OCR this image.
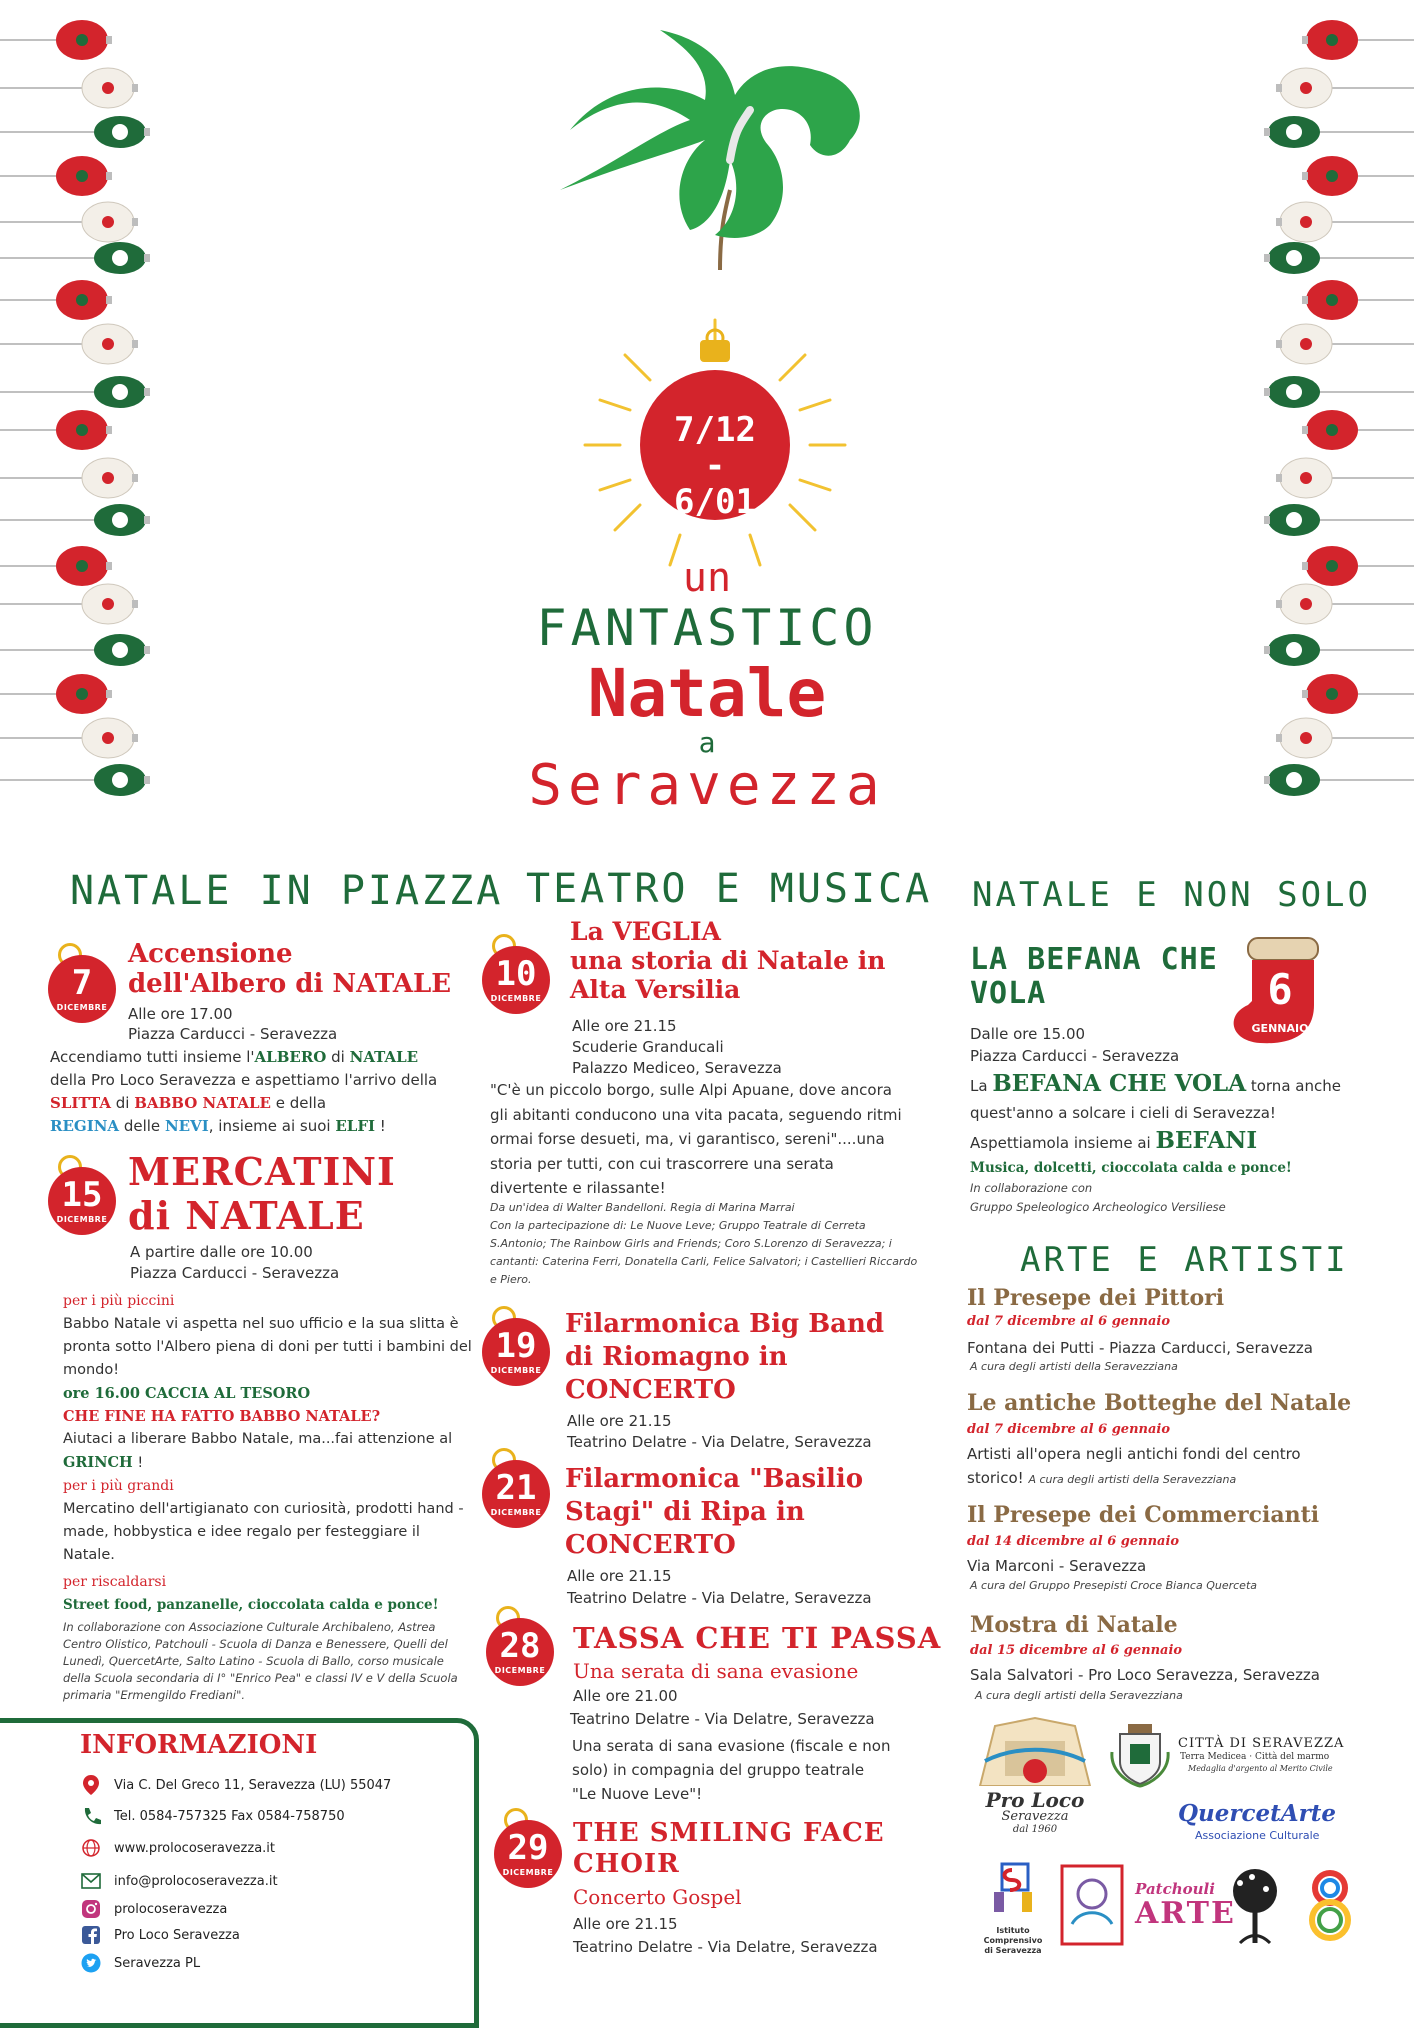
7/12
-
6/01
un
FANTASTICO
Natale
a
Seravezza
NATALE IN PIAZZA
7
DICEMBRE
Accensione
dell'Albero di NATALE
Alle ore 17.00
Piazza Carducci - Seravezza
Accendiamo tutti insieme l'ALBERO di NATALE
della Pro Loco Seravezza e aspettiamo l'arrivo della
SLITTA di BABBO NATALE e della
REGINA delle NEVI, insieme ai suoi ELFI !
15
DICEMBRE
MERCATINI
di NATALE
A partire dalle ore 10.00
Piazza Carducci - Seravezza
per i più piccini
Babbo Natale vi aspetta nel suo ufficio e la sua slitta è pronta sotto l'Albero piena di doni per tutti i bambini del mondo!
ore 16.00 CACCIA AL TESORO
CHE FINE HA FATTO BABBO NATALE?
Aiutaci a liberare Babbo Natale, ma...fai attenzione al GRINCH !
per i più grandi
Mercatino dell'artigianato con curiosità, prodotti hand - made, hobbystica e idee regalo per festeggiare il Natale.
per riscaldarsi
Street food, panzanelle, cioccolata calda e ponce!
In collaborazione con Associazione Culturale Archibaleno, Astrea Centro Olistico, Patchouli - Scuola di Danza e Benessere, Quelli del Lunedì, QuercetArte, Salto Latino - Scuola di Ballo, corso musicale della Scuola secondaria di I° "Enrico Pea" e classi IV e V della Scuola primaria "Ermengildo Frediani".
INFORMAZIONI
Via C. Del Greco 11, Seravezza (LU) 55047
Tel. 0584-757325 Fax 0584-758750
www.prolocoseravezza.it
info@prolocoseravezza.it
prolocoseravezza
Pro Loco Seravezza
Seravezza PL
TEATRO E MUSICA
10
DICEMBRE
La VEGLIA
una storia di Natale in
Alta Versilia
Alle ore 21.15
Scuderie Granducali
Palazzo Mediceo, Seravezza
"C'è un piccolo borgo, sulle Alpi Apuane, dove ancora gli abitanti conducono una vita pacata, seguendo ritmi ormai forse desueti, ma, vi garantisco, sereni"....una storia per tutti, con cui trascorrere una serata divertente e rilassante!
Da un'idea di Walter Bandelloni. Regia di Marina Marrai
Con la partecipazione di: Le Nuove Leve; Gruppo Teatrale di Cerreta S.Antonio; The Rainbow Girls and Friends; Coro S.Lorenzo di Seravezza; i cantanti: Caterina Ferri, Donatella Carli, Felice Salvatori; i Castellieri Riccardo e Piero.
19
DICEMBRE
Filarmonica Big Band
di Riomagno in
CONCERTO
Alle ore 21.15
Teatrino Delatre - Via Delatre, Seravezza
21
DICEMBRE
Filarmonica "Basilio
Stagi" di Ripa in
CONCERTO
Alle ore 21.15
Teatrino Delatre - Via Delatre, Seravezza
28
DICEMBRE
TASSA CHE TI PASSA
Una serata di sana evasione
Alle ore 21.00
Teatrino Delatre - Via Delatre, Seravezza
Una serata di sana evasione (fiscale e non solo) in compagnia del gruppo teatrale "Le Nuove Leve"!
29
DICEMBRE
THE SMILING FACE
CHOIR
Concerto Gospel
Alle ore 21.15
Teatrino Delatre - Via Delatre, Seravezza
NATALE E NON SOLO
LA BEFANA CHE
VOLA	6
GENNAIO
Dalle ore 15.00
Piazza Carducci - Seravezza
La BEFANA CHE VOLA torna anche
quest'anno a solcare i cieli di Seravezza!
Aspettiamola insieme ai BEFANI
Musica, dolcetti, cioccolata calda e ponce!
In collaborazione con
Gruppo Speleologico Archeologico Versiliese
ARTE E ARTISTI
Il Presepe dei Pittori
dal 7 dicembre al 6 gennaio
Fontana dei Putti - Piazza Carducci, Seravezza
A cura degli artisti della Seravezziana
Le antiche Botteghe del Natale
dal 7 dicembre al 6 gennaio
Artisti all'opera negli antichi fondi del centro
storico! A cura degli artisti della Seravezziana
Il Presepe dei Commercianti
dal 14 dicembre al 6 gennaio
Via Marconi - Seravezza
A cura del Gruppo Presepisti Croce Bianca Querceta
Mostra di Natale
dal 15 dicembre al 6 gennaio
Sala Salvatori - Pro Loco Seravezza, Seravezza
A cura degli artisti della Seravezziana
Pro Loco
Seravezza
dal 1960
CITTÀ DI SERAVEZZA
Terra Medicea · Città del marmo
Medaglia d'argento al Merito Civile
QuercetArte
Associazione Culturale
Istituto Comprensivo
di Seravezza
Patchouli
ARTE
